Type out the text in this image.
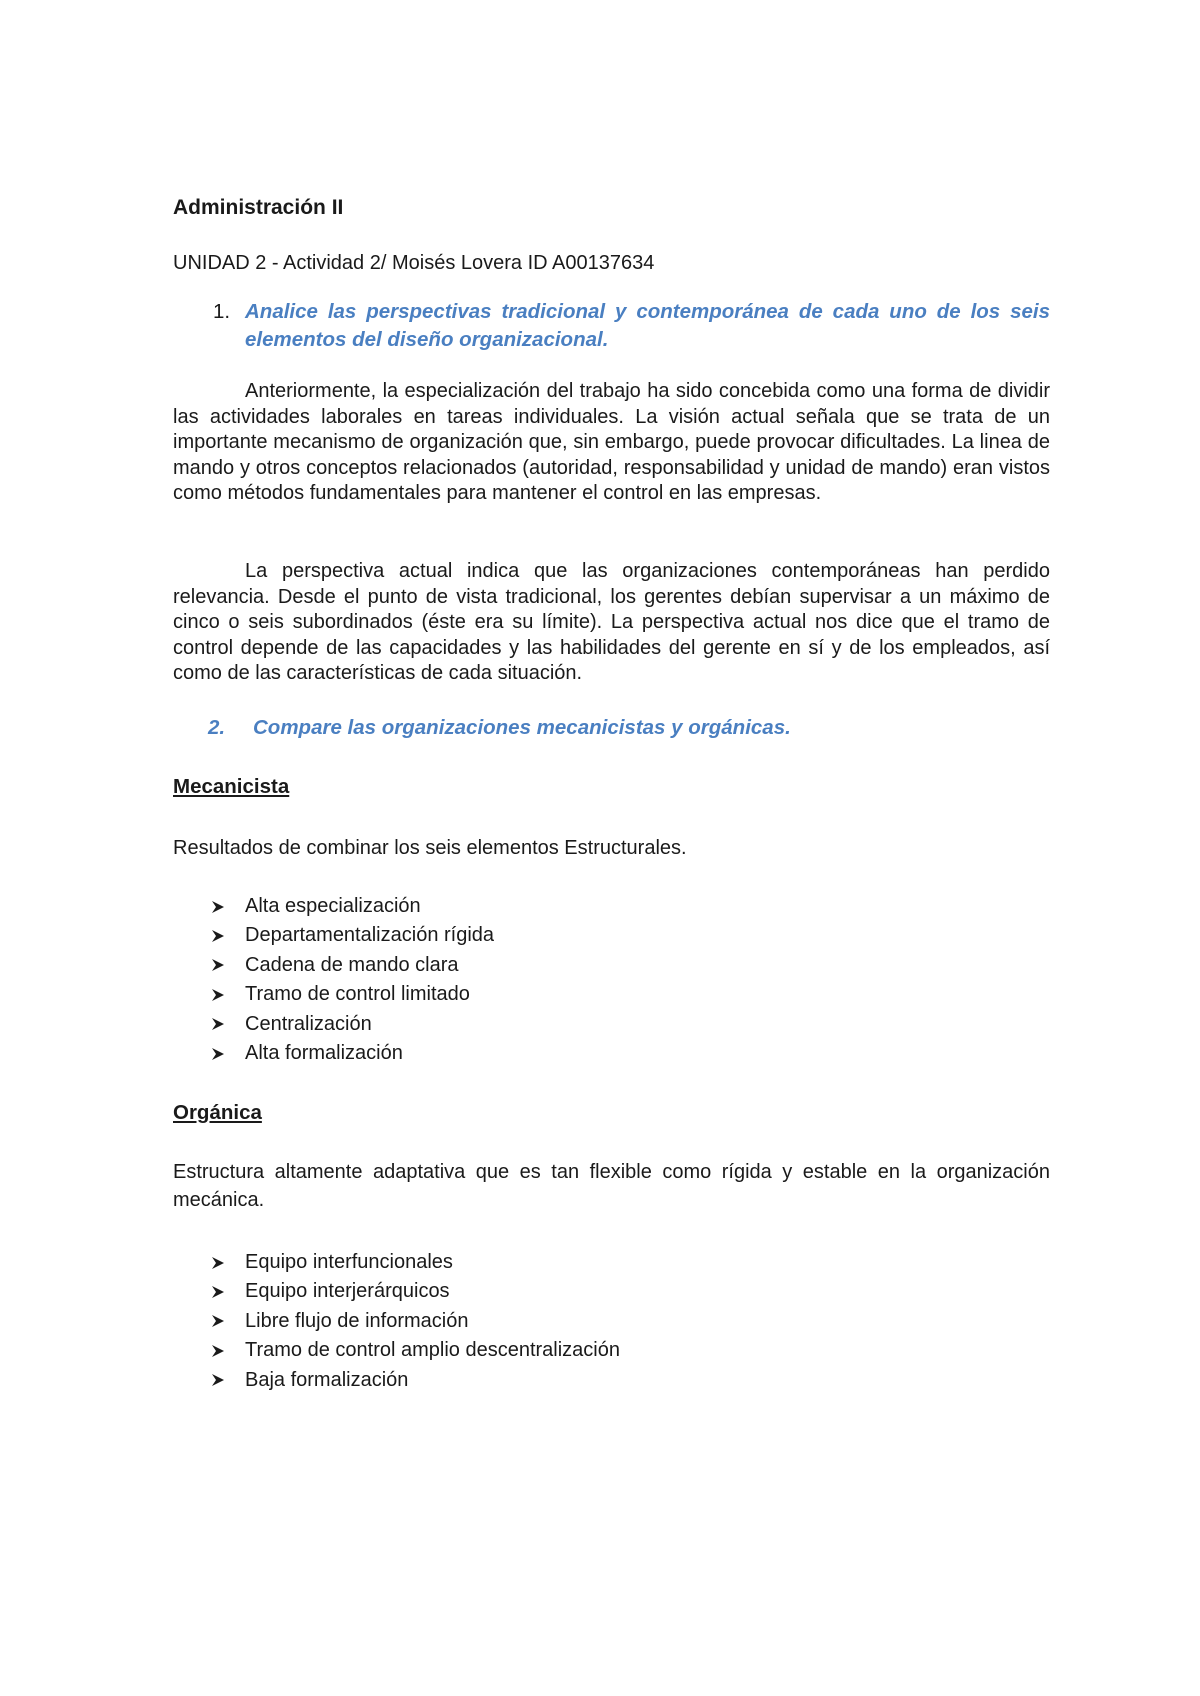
Administración II

UNIDAD 2 - Actividad 2/ Moisés Lovera ID A00137634

1. Analice las perspectivas tradicional y contemporánea de cada uno de los seis elementos del diseño organizacional.

Anteriormente, la especialización del trabajo ha sido concebida como una forma de dividir las actividades laborales en tareas individuales. La visión actual señala que se trata de un importante mecanismo de organización que, sin embargo, puede provocar dificultades. La linea de mando y otros conceptos relacionados (autoridad, responsabilidad y unidad de mando) eran vistos como métodos fundamentales para mantener el control en las empresas.

La perspectiva actual indica que las organizaciones contemporáneas han perdido relevancia. Desde el punto de vista tradicional, los gerentes debían supervisar a un máximo de cinco o seis subordinados (éste era su límite). La perspectiva actual nos dice que el tramo de control depende de las capacidades y las habilidades del gerente en sí y de los empleados, así como de las características de cada situación.

2.	Compare las organizaciones mecanicistas y orgánicas.
Mecanicista

Resultados de combinar los seis elementos Estructurales.

Alta especialización
Departamentalización rígida
Cadena de mando clara
Tramo de control limitado
Centralización
Alta formalización
Orgánica

Estructura altamente adaptativa que es tan flexible como rígida y estable en la organización mecánica.

Equipo interfuncionales
Equipo interjerárquicos
Libre flujo de información
Tramo de control amplio descentralización
Baja formalización
